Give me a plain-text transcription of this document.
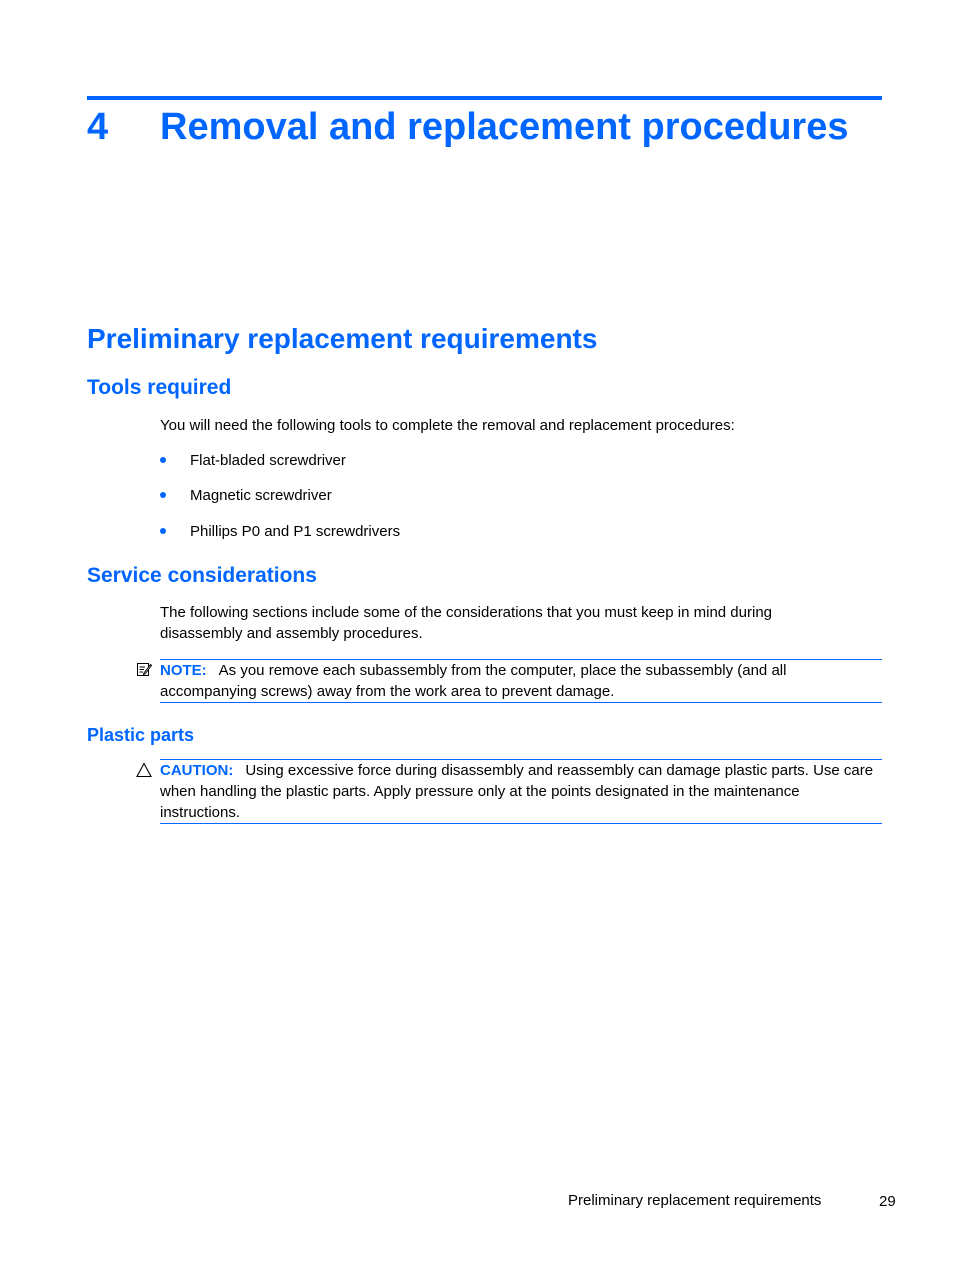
4 Removal and replacement procedures
Preliminary replacement requirements
Tools required
You will need the following tools to complete the removal and replacement procedures:
Flat-bladed screwdriver
Magnetic screwdriver
Phillips P0 and P1 screwdrivers
Service considerations
The following sections include some of the considerations that you must keep in mind during disassembly and assembly procedures.
NOTE: As you remove each subassembly from the computer, place the subassembly (and all accompanying screws) away from the work area to prevent damage.
Plastic parts
CAUTION: Using excessive force during disassembly and reassembly can damage plastic parts. Use care when handling the plastic parts. Apply pressure only at the points designated in the maintenance instructions.
Preliminary replacement requirements	29
